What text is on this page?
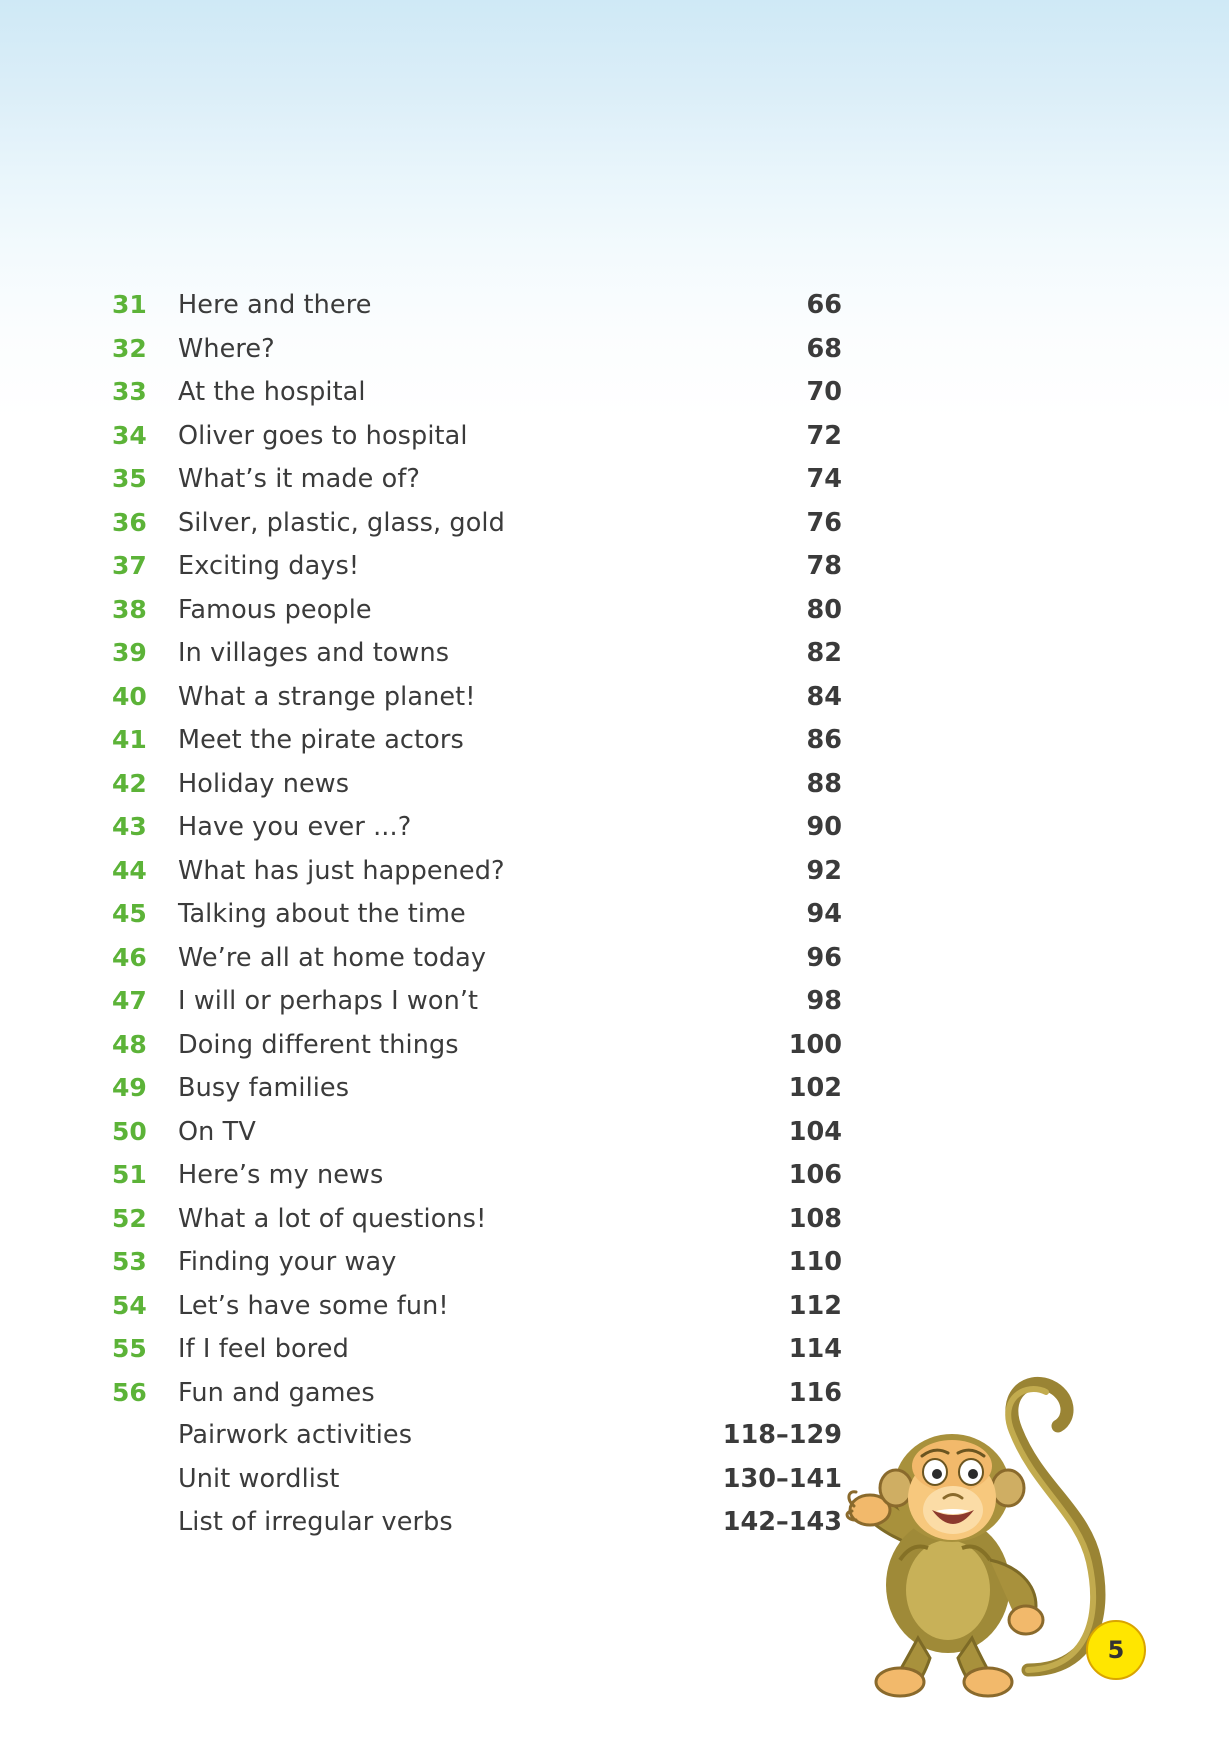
31	Here and there	66
32	Where?	68
33	At the hospital	70
34	Oliver goes to hospital	72
35	What’s it made of?	74
36	Silver, plastic, glass, gold	76
37	Exciting days!	78
38	Famous people	80
39	In villages and towns	82
40	What a strange planet!	84
41	Meet the pirate actors	86
42	Holiday news	88
43	Have you ever ...?	90
44	What has just happened?	92
45	Talking about the time	94
46	We’re all at home today	96
47	I will or perhaps I won’t	98
48	Doing different things	100
49	Busy families	102
50	On TV	104
51	Here’s my news	106
52	What a lot of questions!	108
53	Finding your way	110
54	Let’s have some fun!	112
55	If I feel bored	114
56	Fun and games	116
Pairwork activities	118–129
Unit wordlist	130–141
List of irregular verbs	142–143
5
